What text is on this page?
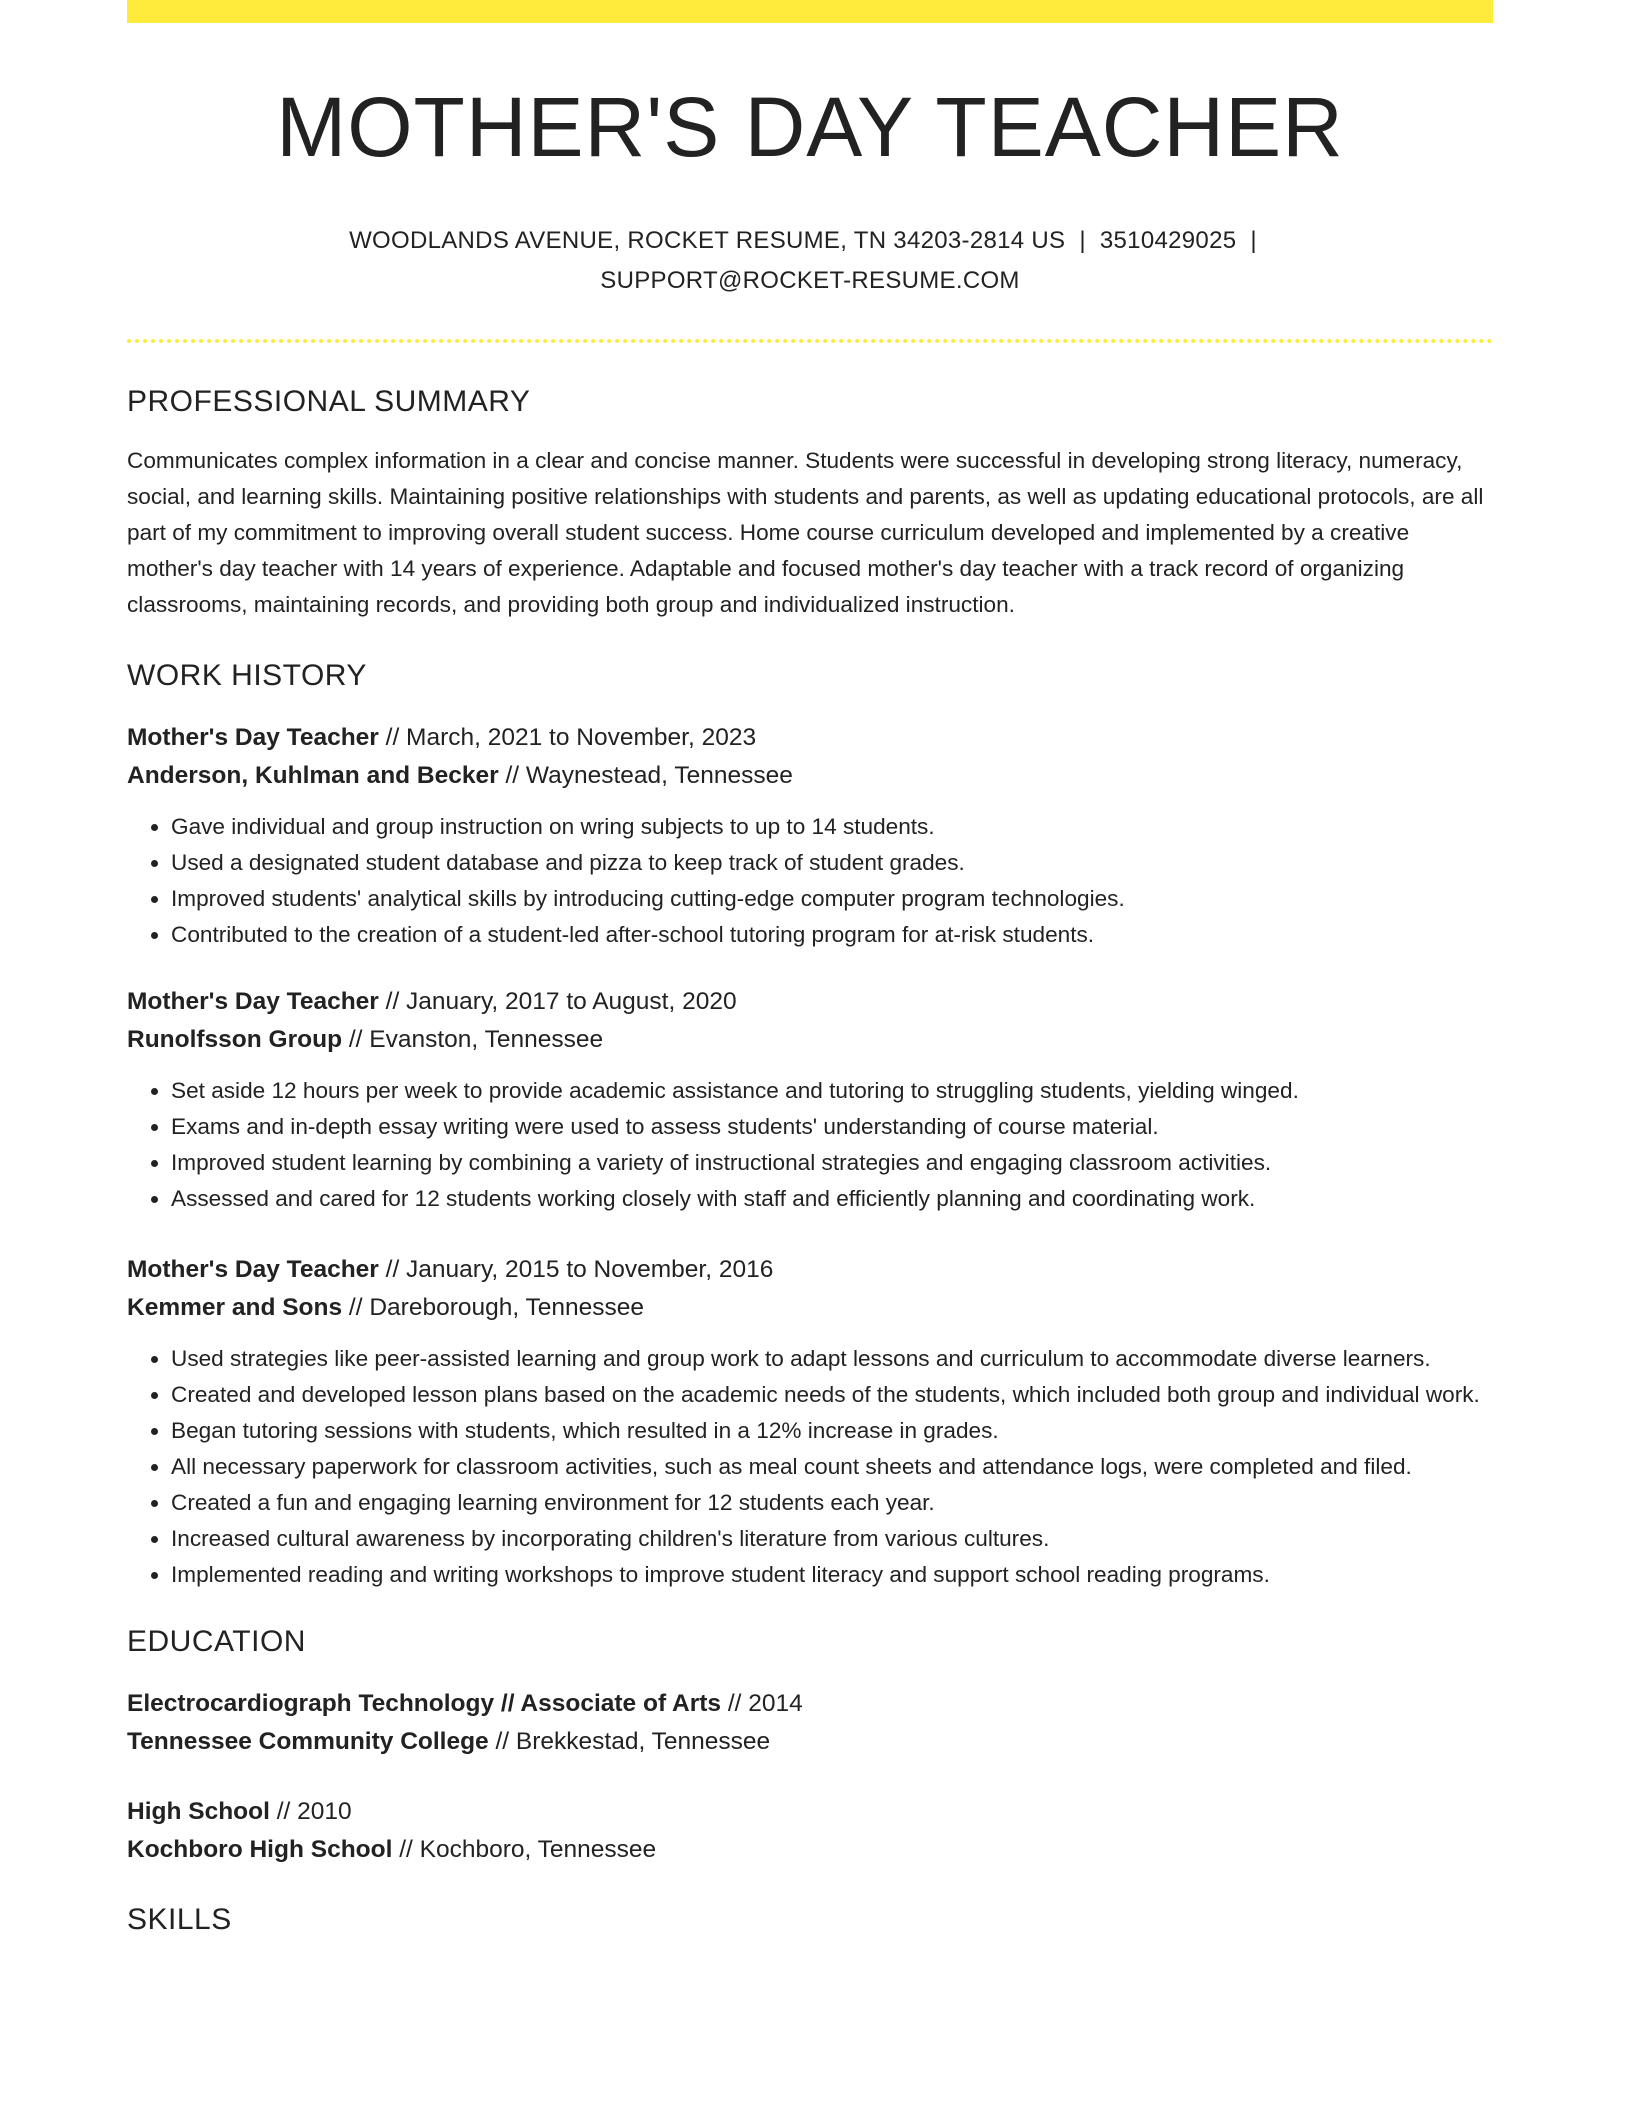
MOTHER'S DAY TEACHER
WOODLANDS AVENUE, ROCKET RESUME, TN 34203-2814 US | 3510429025 |
SUPPORT@ROCKET-RESUME.COM
PROFESSIONAL SUMMARY

Communicates complex information in a clear and concise manner. Students were successful in developing strong literacy, numeracy, social, and learning skills. Maintaining positive relationships with students and parents, as well as updating educational protocols, are all part of my commitment to improving overall student success. Home course curriculum developed and implemented by a creative mother's day teacher with 14 years of experience. Adaptable and focused mother's day teacher with a track record of organizing classrooms, maintaining records, and providing both group and individualized instruction.

WORK HISTORY
Mother's Day Teacher // March, 2021 to November, 2023
Anderson, Kuhlman and Becker // Waynestead, Tennessee
• Gave individual and group instruction on wring subjects to up to 14 students.
• Used a designated student database and pizza to keep track of student grades.
• Improved students' analytical skills by introducing cutting-edge computer program technologies.
• Contributed to the creation of a student-led after-school tutoring program for at-risk students.
Mother's Day Teacher // January, 2017 to August, 2020
Runolfsson Group // Evanston, Tennessee
• Set aside 12 hours per week to provide academic assistance and tutoring to struggling students, yielding winged.
• Exams and in-depth essay writing were used to assess students' understanding of course material.
• Improved student learning by combining a variety of instructional strategies and engaging classroom activities.
• Assessed and cared for 12 students working closely with staff and efficiently planning and coordinating work.
Mother's Day Teacher // January, 2015 to November, 2016
Kemmer and Sons // Dareborough, Tennessee
• Used strategies like peer-assisted learning and group work to adapt lessons and curriculum to accommodate diverse learners.
• Created and developed lesson plans based on the academic needs of the students, which included both group and individual work.
• Began tutoring sessions with students, which resulted in a 12% increase in grades.
• All necessary paperwork for classroom activities, such as meal count sheets and attendance logs, were completed and filed.
• Created a fun and engaging learning environment for 12 students each year.
• Increased cultural awareness by incorporating children's literature from various cultures.
• Implemented reading and writing workshops to improve student literacy and support school reading programs.
EDUCATION
Electrocardiograph Technology // Associate of Arts // 2014
Tennessee Community College // Brekkestad, Tennessee
High School // 2010
Kochboro High School // Kochboro, Tennessee
SKILLS
